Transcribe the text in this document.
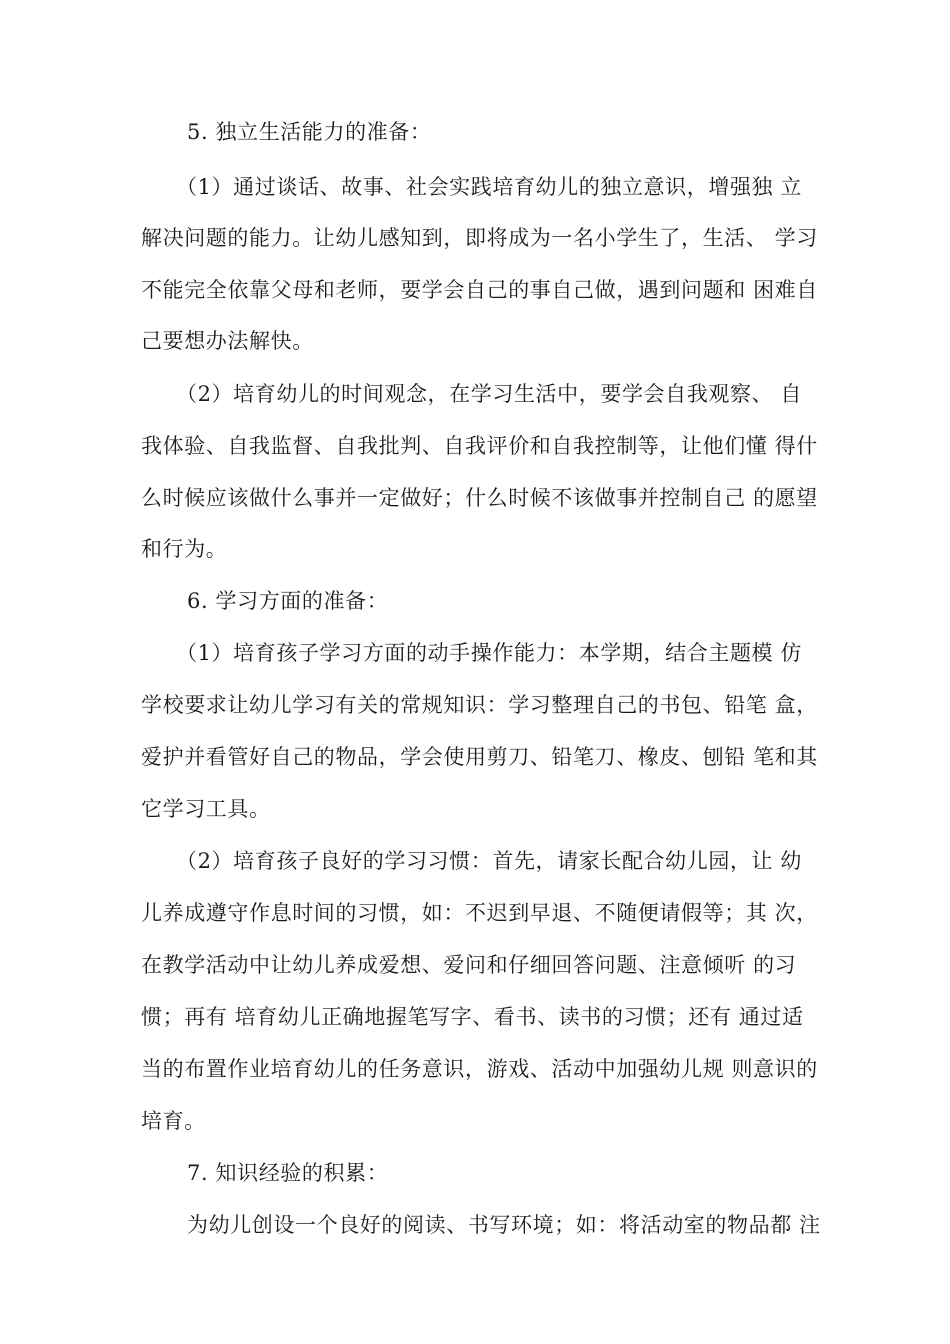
5. 独立生活能力的准备：
（1）通过谈话、故事、社会实践培育幼儿的独立意识，增强独 立
解决问题的能力。让幼儿感知到，即将成为一名小学生了，生活、 学习
不能完全依靠父母和老师，要学会自己的事自己做，遇到问题和 困难自
己要想办法解快。
（2）培育幼儿的时间观念，在学习生活中，要学会自我观察、 自
我体验、自我监督、自我批判、自我评价和自我控制等，让他们懂 得什
么时候应该做什么事并一定做好；什么时候不该做事并控制自己 的愿望
和行为。
6. 学习方面的准备：
（1）培育孩子学习方面的动手操作能力：本学期，结合主题模 仿
学校要求让幼儿学习有关的常规知识：学习整理自己的书包、铅笔 盒，
爱护并看管好自己的物品，学会使用剪刀、铅笔刀、橡皮、刨铅 笔和其
它学习工具。
（2）培育孩子良好的学习习惯：首先，请家长配合幼儿园，让 幼
儿养成遵守作息时间的习惯，如：不迟到早退、不随便请假等；其 次，
在教学活动中让幼儿养成爱想、爱问和仔细回答问题、注意倾听 的习
惯；再有 培育幼儿正确地握笔写字、看书、读书的习惯；还有 通过适
当的布置作业培育幼儿的任务意识，游戏、活动中加强幼儿规 则意识的
培育。
7. 知识经验的积累：
为幼儿创设一个良好的阅读、书写环境；如：将活动室的物品都 注
